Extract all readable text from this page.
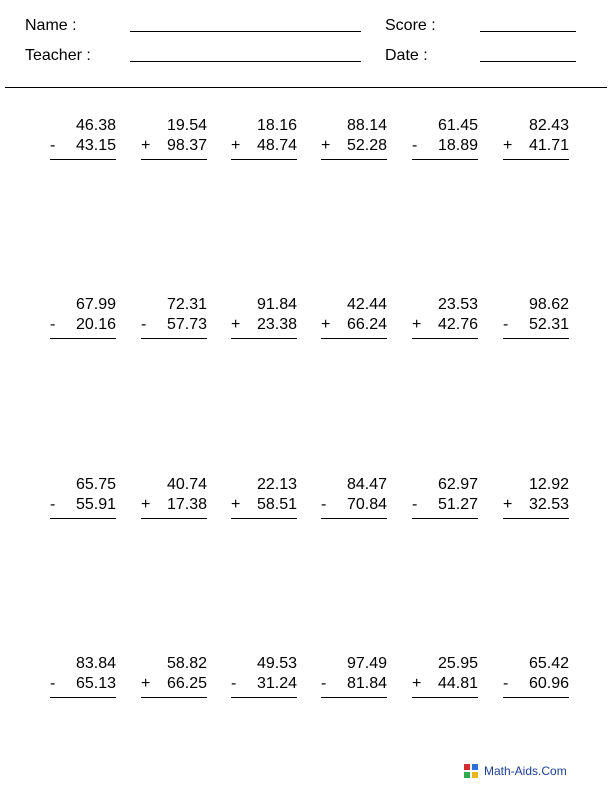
Name :	Score :
Teacher :	Date :
46.38
- 43.15
19.54
+ 98.37
18.16
+ 48.74
88.14
+ 52.28
61.45
- 18.89
82.43
+ 41.71
67.99
- 20.16
72.31
- 57.73
91.84
+ 23.38
42.44
+ 66.24
23.53
+ 42.76
98.62
- 52.31
65.75
- 55.91
40.74
+ 17.38
22.13
+ 58.51
84.47
- 70.84
62.97
- 51.27
12.92
+ 32.53
83.84
- 65.13
58.82
+ 66.25
49.53
- 31.24
97.49
- 81.84
25.95
+ 44.81
65.42
- 60.96
Math-Aids.Com
